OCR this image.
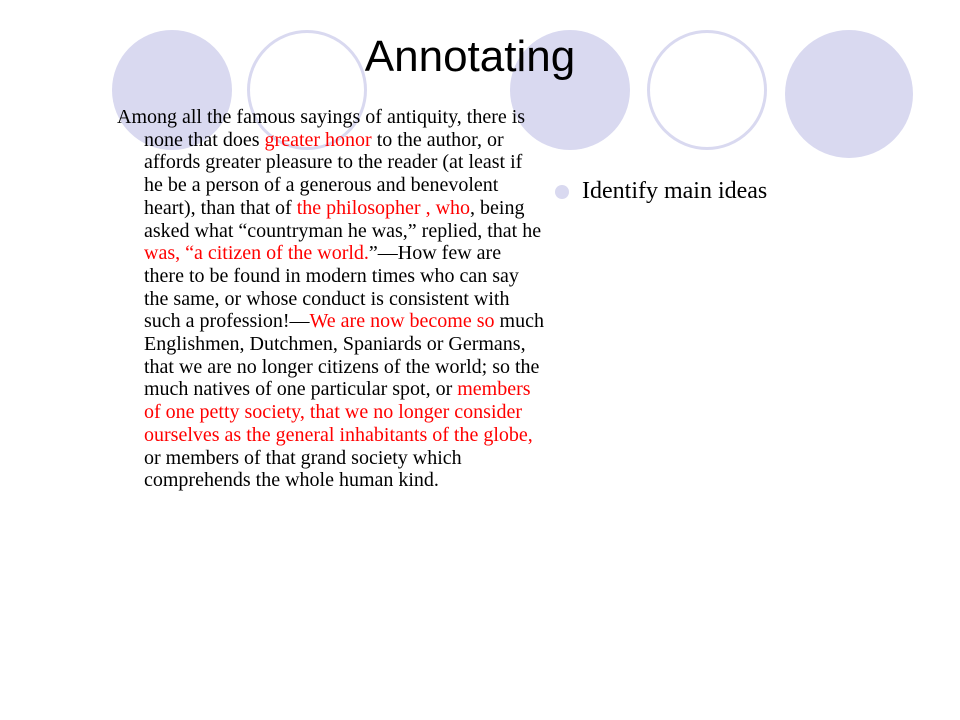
Annotating

Among all the famous sayings of antiquity, there is none that does greater honor to the author, or affords greater pleasure to the reader (at least if he be a person of a generous and benevolent heart), than that of the philosopher , who, being asked what “countryman he was,” replied, that he was, “a citizen of the world.”—How few are there to be found in modern times who can say the same, or whose conduct is consistent with such a profession!—We are now become so much Englishmen, Dutchmen, Spaniards or Germans, that we are no longer citizens of the world; so the much natives of one particular spot, or members of one petty society, that we no longer consider ourselves as the general inhabitants of the globe, or members of that grand society which comprehends the whole human kind.

Identify main ideas
